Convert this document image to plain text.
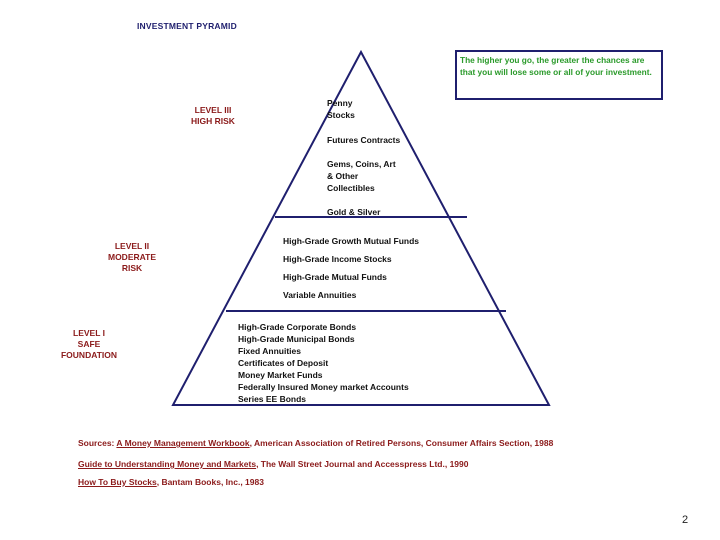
INVESTMENT PYRAMID
LEVEL III
HIGH RISK
LEVEL II
MODERATE
RISK
LEVEL I
SAFE
FOUNDATION
Penny Stocks
Futures Contracts
Gems, Coins, Art & Other Collectibles
Gold & Silver
High-Grade Growth Mutual Funds
High-Grade Income Stocks
High-Grade Mutual Funds
Variable Annuities
High-Grade Corporate Bonds
High-Grade Municipal Bonds
Fixed Annuities
Certificates of Deposit
Money Market Funds
Federally Insured Money market Accounts
Series EE Bonds
The higher you go, the greater the chances are that you will lose some or all of your investment.
Sources: A Money Management Workbook, American Association of Retired Persons, Consumer Affairs Section, 1988
Guide to Understanding Money and Markets, The Wall Street Journal and Accesspress Ltd., 1990
How To Buy Stocks, Bantam Books, Inc., 1983
2
